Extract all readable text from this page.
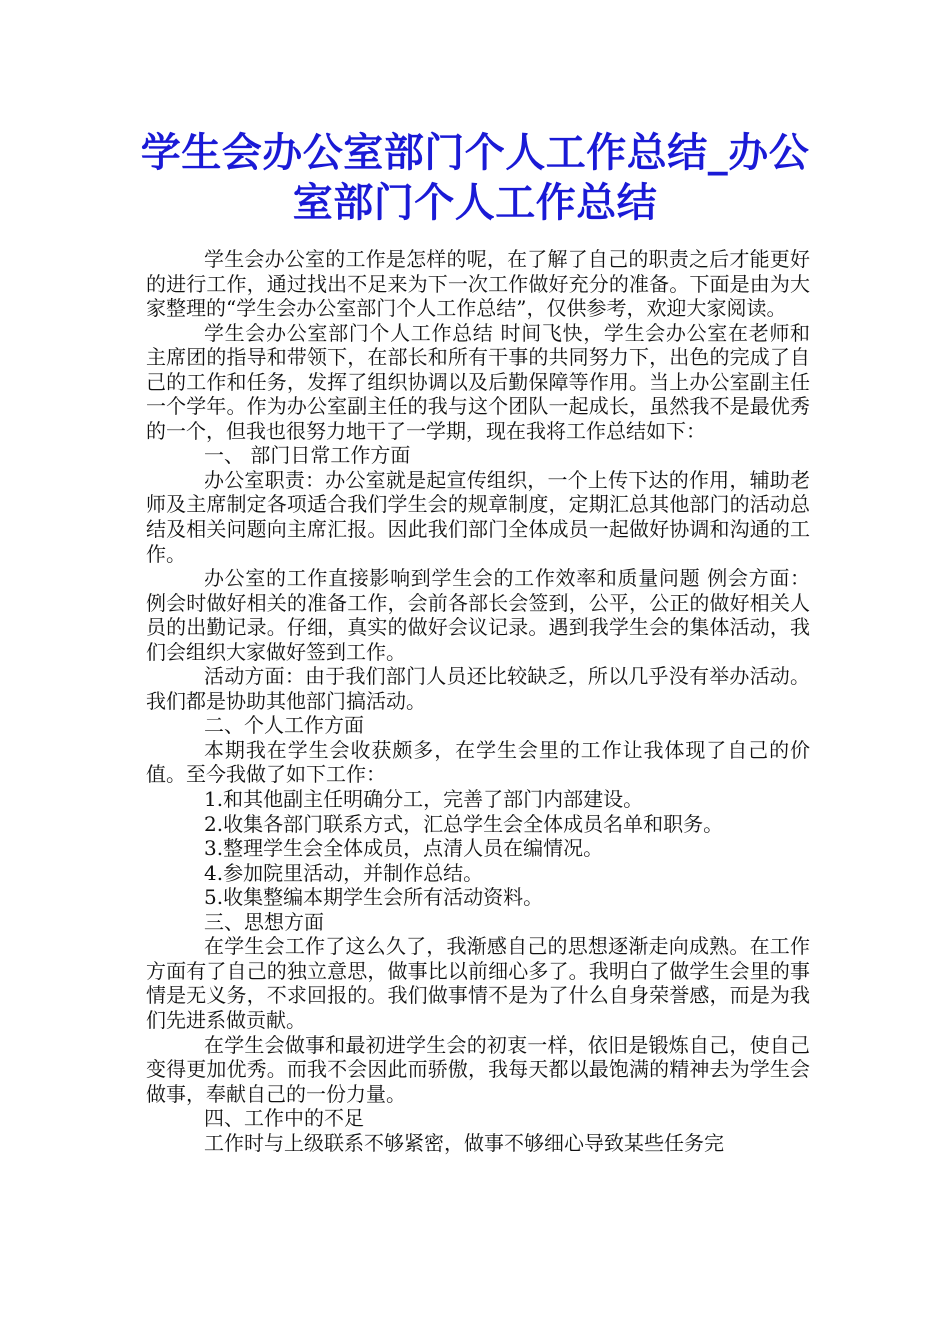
学生会办公室部门个人工作总结_办公室部门个人工作总结

学生会办公室的工作是怎样的呢，在了解了自己的职责之后才能更好的进行工作，通过找出不足来为下一次工作做好充分的准备。下面是由为大家整理的“学生会办公室部门个人工作总结”，仅供参考，欢迎大家阅读。

学生会办公室部门个人工作总结 时间飞快，学生会办公室在老师和主席团的指导和带领下，在部长和所有干事的共同努力下，出色的完成了自己的工作和任务，发挥了组织协调以及后勤保障等作用。当上办公室副主任一个学年。作为办公室副主任的我与这个团队一起成长，虽然我不是最优秀的一个，但我也很努力地干了一学期，现在我将工作总结如下：

一、 部门日常工作方面

办公室职责：办公室就是起宣传组织，一个上传下达的作用，辅助老师及主席制定各项适合我们学生会的规章制度，定期汇总其他部门的活动总结及相关问题向主席汇报。因此我们部门全体成员一起做好协调和沟通的工作。

办公室的工作直接影响到学生会的工作效率和质量问题 例会方面：例会时做好相关的准备工作，会前各部长会签到，公平，公正的做好相关人员的出勤记录。仔细，真实的做好会议记录。遇到我学生会的集体活动，我们会组织大家做好签到工作。

活动方面：由于我们部门人员还比较缺乏，所以几乎没有举办活动。我们都是协助其他部门搞活动。

二、个人工作方面

本期我在学生会收获颇多，在学生会里的工作让我体现了自己的价值。至今我做了如下工作：

1.和其他副主任明确分工，完善了部门内部建设。

2.收集各部门联系方式，汇总学生会全体成员名单和职务。

3.整理学生会全体成员，点清人员在编情况。

4.参加院里活动，并制作总结。

5.收集整编本期学生会所有活动资料。

三、思想方面

在学生会工作了这么久了，我渐感自己的思想逐渐走向成熟。在工作方面有了自己的独立意思，做事比以前细心多了。我明白了做学生会里的事情是无义务，不求回报的。我们做事情不是为了什么自身荣誉感，而是为我们先进系做贡献。

在学生会做事和最初进学生会的初衷一样，依旧是锻炼自己，使自己变得更加优秀。而我不会因此而骄傲，我每天都以最饱满的精神去为学生会做事，奉献自己的一份力量。

四、工作中的不足

工作时与上级联系不够紧密，做事不够细心导致某些任务完
